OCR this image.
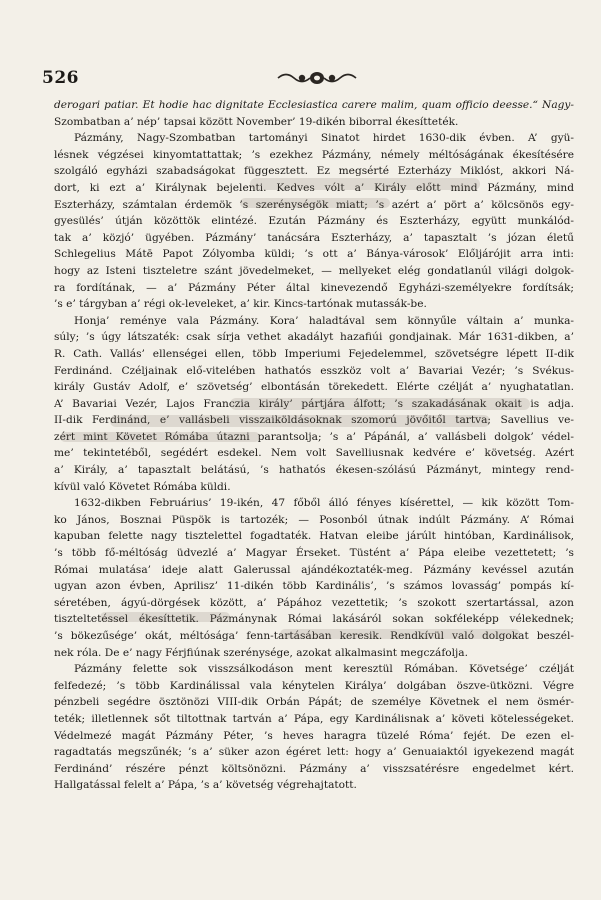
526
derogari patiar. Et hodie hac dignitate Ecclesiastica carere malim, quam officio deesse.“ Nagy-
Szombatban a’ nép’ tapsai között November’ 19-dikén biborral ékesítteték.
Pázmány, Nagy-Szombatban tartományi Sinatot hirdet 1630-dik évben. A’ gyü-
lésnek végzései kinyomtattattak; ’s ezekhez Pázmány, némely méltóságának ékesítésére
szolgáló egyházi szabadságokat függesztett. Ez megsérté Ezterházy Miklóst, akkori Ná-
dort, ki ezt a’ Királynak bejelenti. Kedves vólt a’ Király előtt mind Pázmány, mind
Eszterházy, számtalan érdemök ’s szerénységök miatt; ’s azért a’ pört a’ kölcsönös egy-
gyesülés’ útján közöttök elintézé. Ezután Pázmány és Eszterházy, együtt munkálód-
tak a’ közjó’ ügyében. Pázmány’ tanácsára Eszterházy, a’ tapasztalt ’s józan életű
Schlegelius Mátē Papot Zólyomba küldi; ’s ott a’ Bánya-városok’ Előljárójit arra inti:
hogy az Isteni tiszteletre szánt jövedelmeket, — mellyeket elég gondatlanúl világi dolgok-
ra fordítának, — a’ Pázmány Péter által kinevezendő Egyházi-személyekre fordítsák;
’s e’ tárgyban a’ régi ok-leveleket, a’ kir. Kincs-tartónak mutassák-be.
Honja’ reménye vala Pázmány. Kora’ haladtával sem könnyűle váltain a’ munka-
súly; ’s úgy látszaték: csak sírja vethet akadályt hazafiúi gondjainak. Már 1631-dikben, a’
R. Cath. Vallás’ ellenségei ellen, több Imperiumi Fejedelemmel, szövetségre lépett II-dik
Ferdinánd. Czéljainak elő-vitelében hathatós esszköz volt a’ Bavariai Vezér; ’s Svékus-
király Gustáv Adolf, e’ szövetség’ elbontásán törekedett. Elérte czélját a’ nyughatatlan.
A’ Bavariai Vezér, Lajos Franczia király’ pártjára álfott; ’s szakadásának okait is adja.
II-dik Ferdinánd, e’ vallásbeli visszaiköldásoknak szomorú jövőitől tartva; Savellius ve-
zért mint Követet Rómába útazni parantsolja; ’s a’ Pápánál, a’ vallásbeli dolgok’ védel-
me’ tekintetéből, segédért esdekel. Nem volt Savelliusnak kedvére e’ követség. Azért
a’ Király, a’ tapasztalt belátású, ’s hathatós ékesen-szólású Pázmányt, mintegy rend-
kívül való Követet Rómába küldi.
1632-dikben Februárius’ 19-ikén, 47 főből álló fényes kísérettel, — kik között Tom-
ko János, Bosznai Püspök is tartozék; — Posonból útnak indúlt Pázmány. A’ Római
kapuban felette nagy tisztelettel fogadtaték. Hatvan eleibe járúlt hintóban, Kardinálisok,
’s több fő-méltóság üdvezlé a’ Magyar Érseket. Tüstént a’ Pápa eleibe vezettetett; ’s
Római mulatása’ ideje alatt Galerussal ajándékoztaték-meg. Pázmány kevéssel azután
ugyan azon évben, Aprilisz’ 11-dikén több Kardinális’, ’s számos lovasság’ pompás kí-
séretében, ágyú-dörgések között, a’ Pápához vezettetik; ’s szokott szertartással, azon
tiszteltetéssel ékesíttetik. Pázmánynak Római lakásáról sokan sokféleképp vélekednek;
’s bökezűsége’ okát, méltósága’ fenn-tartásában keresik. Rendkívül való dolgokat beszél-
nek róla. De e’ nagy Férjfiúnak szerénysége, azokat alkalmasint megczáfolja.
Pázmány felette sok visszsálkodáson ment keresztül Rómában. Követsége’ czélját
felfedezé; ’s több Kardinálissal vala kénytelen Királya’ dolgában öszve-ütközni. Végre
pénzbeli segédre ösztönözi VIII-dik Orbán Pápát; de személye Követnek el nem ösmér-
teték; illetlennek sőt tiltottnak tartván a’ Pápa, egy Kardinálisnak a’ követi kötelességeket.
Védelmezé magát Pázmány Péter, ’s heves haragra tüzelé Róma’ fejét. De ezen el-
ragadtatás megszűnék; ’s a’ süker azon égéret lett: hogy a’ Genuaiaktól igyekezend magát
Ferdinánd’ részére pénzt költsönözni. Pázmány a’ visszsatérésre engedelmet kért.
Hallgatással felelt a’ Pápa, ’s a’ követség végrehajtatott.
